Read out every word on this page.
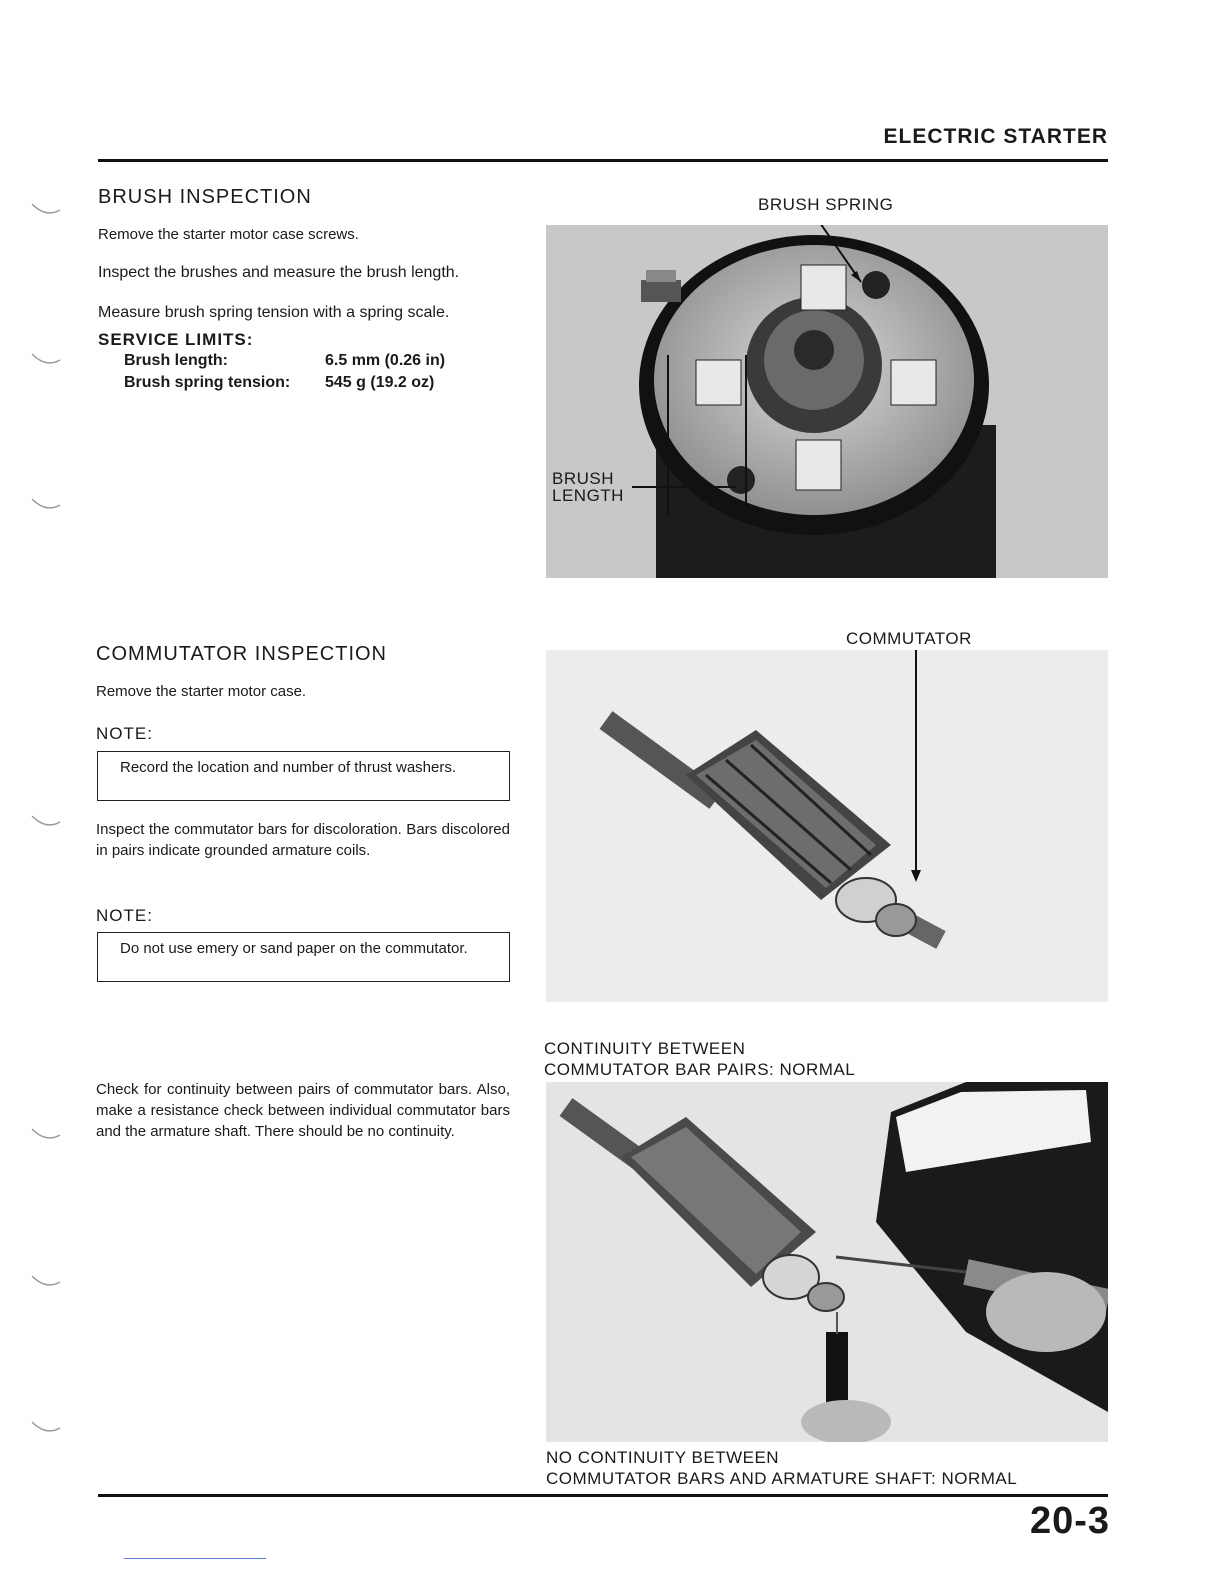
ELECTRIC STARTER
BRUSH INSPECTION
Remove the starter motor case screws.
Inspect the brushes and measure the brush length.
Measure brush spring tension with a spring scale.
SERVICE LIMITS:
Brush length:	6.5 mm (0.26 in)
Brush spring tension: 545 g (19.2 oz)
BRUSH SPRING
BRUSH
LENGTH
COMMUTATOR INSPECTION
Remove the starter motor case.
NOTE:
Record the location and number of thrust washers.
Inspect the commutator bars for discoloration. Bars discolored in pairs indicate grounded armature coils.
NOTE:
Do not use emery or sand paper on the commutator.
COMMUTATOR
Check for continuity between pairs of commutator bars. Also, make a resistance check between individual commutator bars and the armature shaft. There should be no continuity.
CONTINUITY BETWEEN
COMMUTATOR BAR PAIRS: NORMAL
NO CONTINUITY BETWEEN
COMMUTATOR BARS AND ARMATURE SHAFT: NORMAL
20-3
